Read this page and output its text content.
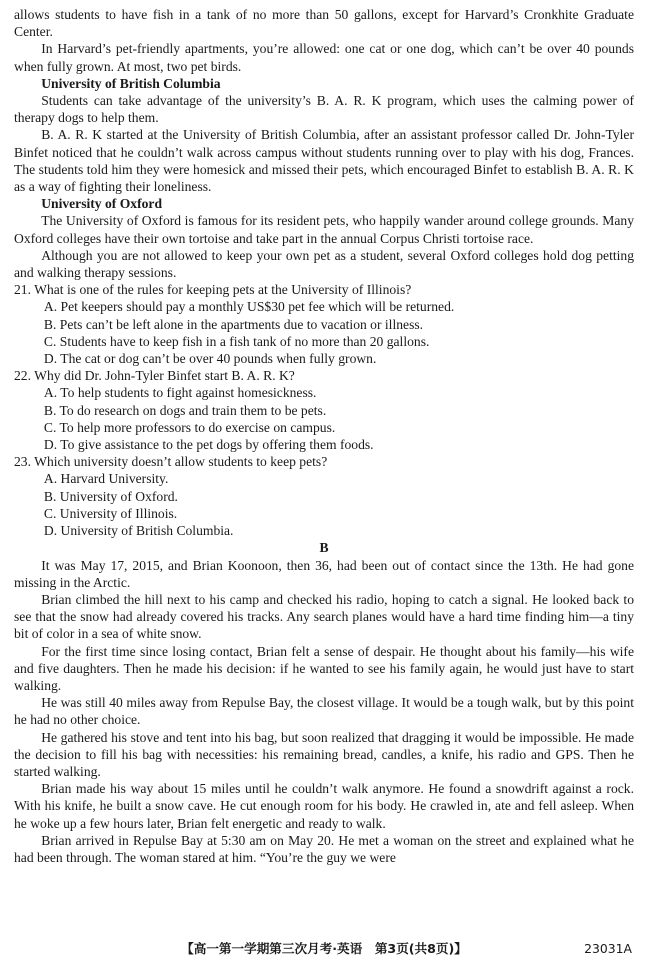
allows students to have fish in a tank of no more than 50 gallons, except for Harvard’s Cronkhite Graduate Center.

In Harvard’s pet-friendly apartments, you’re allowed: one cat or one dog, which can’t be over 40 pounds when fully grown. At most, two pet birds.

University of British Columbia

Students can take advantage of the university’s B. A. R. K program, which uses the calming power of therapy dogs to help them.

B. A. R. K started at the University of British Columbia, after an assistant professor called Dr. John-Tyler Binfet noticed that he couldn’t walk across campus without students running over to play with his dog, Frances. The students told him they were homesick and missed their pets, which encouraged Binfet to establish B. A. R. K as a way of fighting their loneliness.

University of Oxford

The University of Oxford is famous for its resident pets, who happily wander around college grounds. Many Oxford colleges have their own tortoise and take part in the annual Corpus Christi tortoise race.

Although you are not allowed to keep your own pet as a student, several Oxford colleges hold dog petting and walking therapy sessions.

21. What is one of the rules for keeping pets at the University of Illinois?

A. Pet keepers should pay a monthly US$30 pet fee which will be returned.

B. Pets can’t be left alone in the apartments due to vacation or illness.

C. Students have to keep fish in a fish tank of no more than 20 gallons.

D. The cat or dog can’t be over 40 pounds when fully grown.

22. Why did Dr. John-Tyler Binfet start B. A. R. K?

A. To help students to fight against homesickness.

B. To do research on dogs and train them to be pets.

C. To help more professors to do exercise on campus.

D. To give assistance to the pet dogs by offering them foods.

23. Which university doesn’t allow students to keep pets?

A. Harvard University.

B. University of Oxford.

C. University of Illinois.

D. University of British Columbia.

B

It was May 17, 2015, and Brian Koonoon, then 36, had been out of contact since the 13th. He had gone missing in the Arctic.

Brian climbed the hill next to his camp and checked his radio, hoping to catch a signal. He looked back to see that the snow had already covered his tracks. Any search planes would have a hard time finding him—a tiny bit of color in a sea of white snow.

For the first time since losing contact, Brian felt a sense of despair. He thought about his family—his wife and five daughters. Then he made his decision: if he wanted to see his family again, he would just have to start walking.

He was still 40 miles away from Repulse Bay, the closest village. It would be a tough walk, but by this point he had no other choice.

He gathered his stove and tent into his bag, but soon realized that dragging it would be impossible. He made the decision to fill his bag with necessities: his remaining bread, candles, a knife, his radio and GPS. Then he started walking.

Brian made his way about 15 miles until he couldn’t walk anymore. He found a snowdrift against a rock. With his knife, he built a snow cave. He cut enough room for his body. He crawled in, ate and fell asleep. When he woke up a few hours later, Brian felt energetic and ready to walk.

Brian arrived in Repulse Bay at 5:30 am on May 20. He met a woman on the street and explained what he had been through. The woman stared at him. “You’re the guy we were

【高一第一学期第三次月考·英语　第3页(共8页)】	23031A
